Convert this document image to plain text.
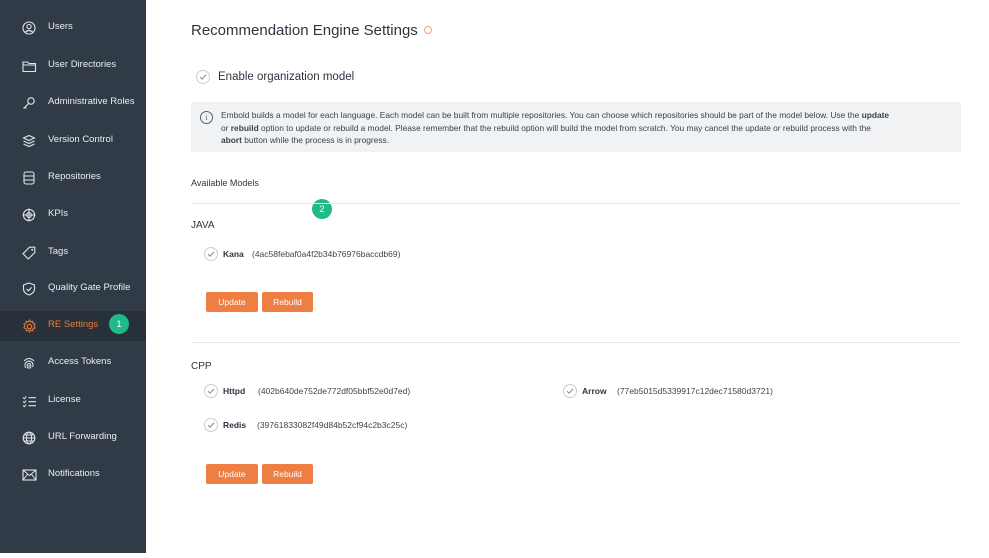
Users
User Directories
Administrative Roles
Version Control
Repositories
KPIs
Tags
Quality Gate Profile
RE Settings	1
Access Tokens
License
URL Forwarding
Notifications
Recommendation Engine Settings
Enable organization model
i	Embold builds a model for each language. Each model can be built from multiple repositories. You can choose which repositories should be part of the model below. Use the update
or rebuild option to update or rebuild a model. Please remember that the rebuild option will build the model from scratch. You may cancel the update or rebuild process with the
abort button while the process is in progress.
Available Models
2
JAVA
Kana (4ac58febaf0a4f2b34b76976baccdb69)
Update	Rebuild
CPP
Httpd (402b640de752de772df05bbf52e0d7ed)	Arrow (77eb5015d5339917c12dec71580d3721)
Redis (39761833082f49d84b52cf94c2b3c25c)
Update	Rebuild
